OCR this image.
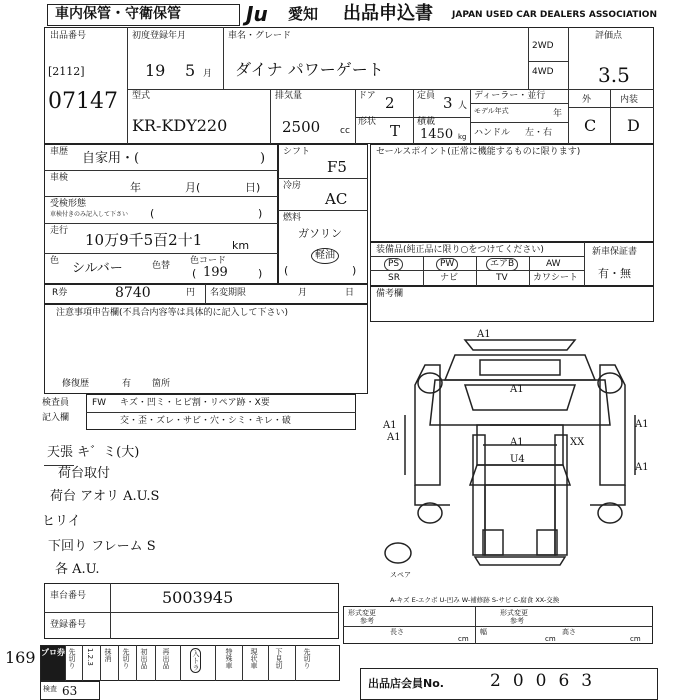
車内保管・守衛保管	Ju 愛知 出品申込書 JAPAN USED CAR DEALERS ASSOCIATION
出品番号
[2112]
07147
初度登録年月
19 5 月
車名・グレード
ダイナ パワーゲート
2WD
4WD
評価点
3.5
外	内装
C D
型式
KR-KDY220
排気量
2500 cc
ドア 2
形状 T
定員 3 人
積載
1450 kg
ディーラー・並行
モデル年式	年
ハンドル 左・右
車歴 自家用・(	)
車検
年	月(	日)
受検形態
車検付きのみ記入して下さい (	)
走行 10万9千5百2十1	km
色 シルバー	色替 色コード
199
(	)
シフト
F5
冷房
AC
燃料
ガソリン
軽油
(	)
R券	8740	円 名変期限	月	日
注意事項申告欄(不具合内容等は具体的に記入して下さい)
修復歴	有 箇所
検査員
記入欄
FW キズ・凹ミ・ヒビ割・リペア跡・X要
交・歪・ズレ・サビ・穴・シミ・キレ・破
天張 キ゛ミ(大)
荷台取付
荷台 アオリ A.U.S
ヒリイ
下回り フレーム S
各 A.U.
セールスポイント(正常に機能するものに限ります)
装備品(純正品に限り○をつけてください)
PS	PW	エアB	AW
SR	ナビ	TV	カワシート
新車保証書
有・無
備考欄
A1
A1
A1	A1
A1	A1
A1
U4
XX
スペア
A-キズ E-エクボ U-凹み W-補修跡 S-サビ C-腐食 XX-交換
車台番号	5003945
登録番号
形式変更
参考
形式変更
参考
長さ
cm
幅
cm
高さ
cm
169 プロ券 先切り 1.2.3 抹消 先切り 初出品 再出品	入トラ	特殊車 現状車 下見切	先切り
検査 63
出品店会員No.	20063
